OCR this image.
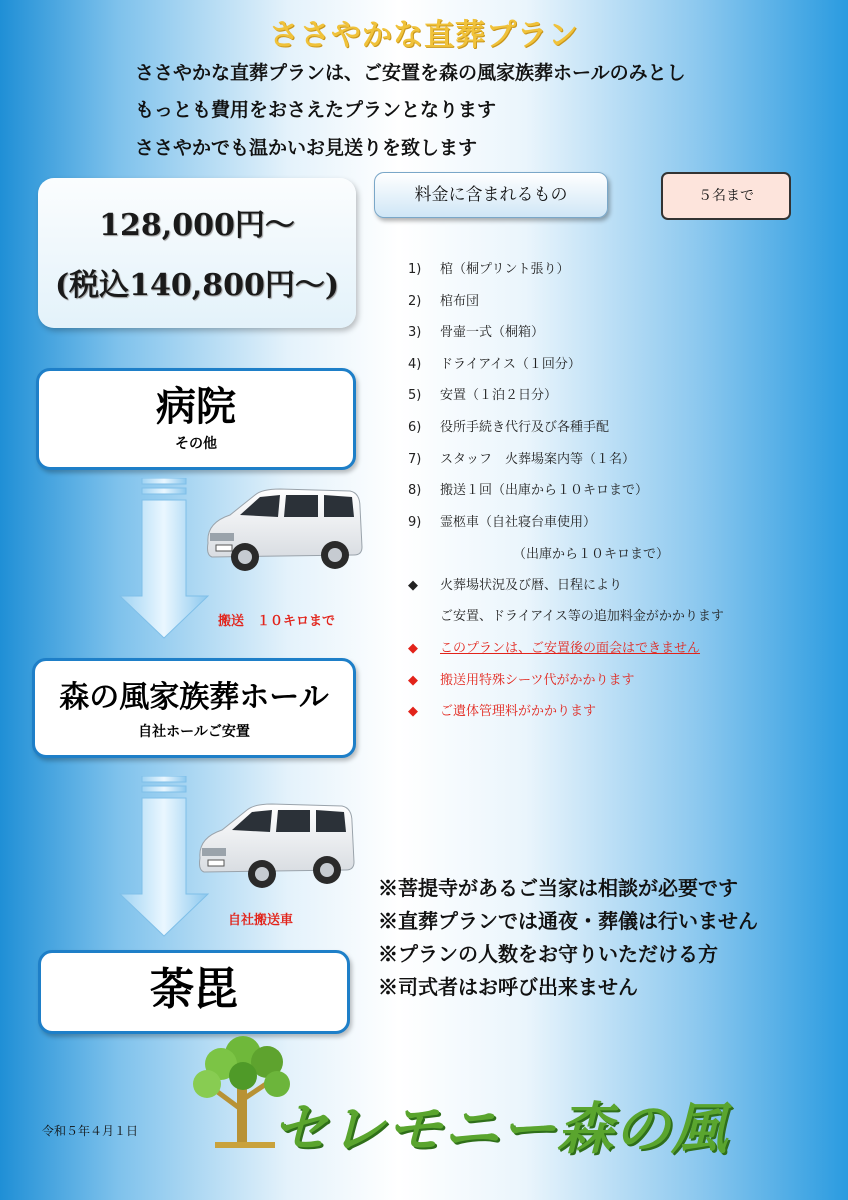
ささやかな直葬プラン
ささやかな直葬プランは、ご安置を森の風家族葬ホールのみとし
もっとも費用をおさえたプランとなります
ささやかでも温かいお見送りを致します
128,000円～
(税込140,800円～)
病院
その他
搬送　１０キロまで
森の風家族葬ホール
自社ホールご安置
自社搬送車
荼毘
料金に含まれるもの	５名まで
1) 棺（桐プリント張り）
2) 棺布団
3) 骨壷一式（桐箱）
4) ドライアイス（１回分）
5) 安置（１泊２日分）
6) 役所手続き代行及び各種手配
7) スタッフ　火葬場案内等（１名）
8) 搬送１回（出庫から１０キロまで）
9) 霊柩車（自社寝台車使用）
（出庫から１０キロまで）
◆ 火葬場状況及び暦、日程により
ご安置、ドライアイス等の追加料金がかかります
◆ このプランは、ご安置後の面会はできません
◆ 搬送用特殊シーツ代がかかります
◆ ご遺体管理料がかかります
※菩提寺があるご当家は相談が必要です
※直葬プランでは通夜・葬儀は行いません
※プランの人数をお守りいただける方
※司式者はお呼び出来ません
セレモニー森の風
令和５年４月１日
